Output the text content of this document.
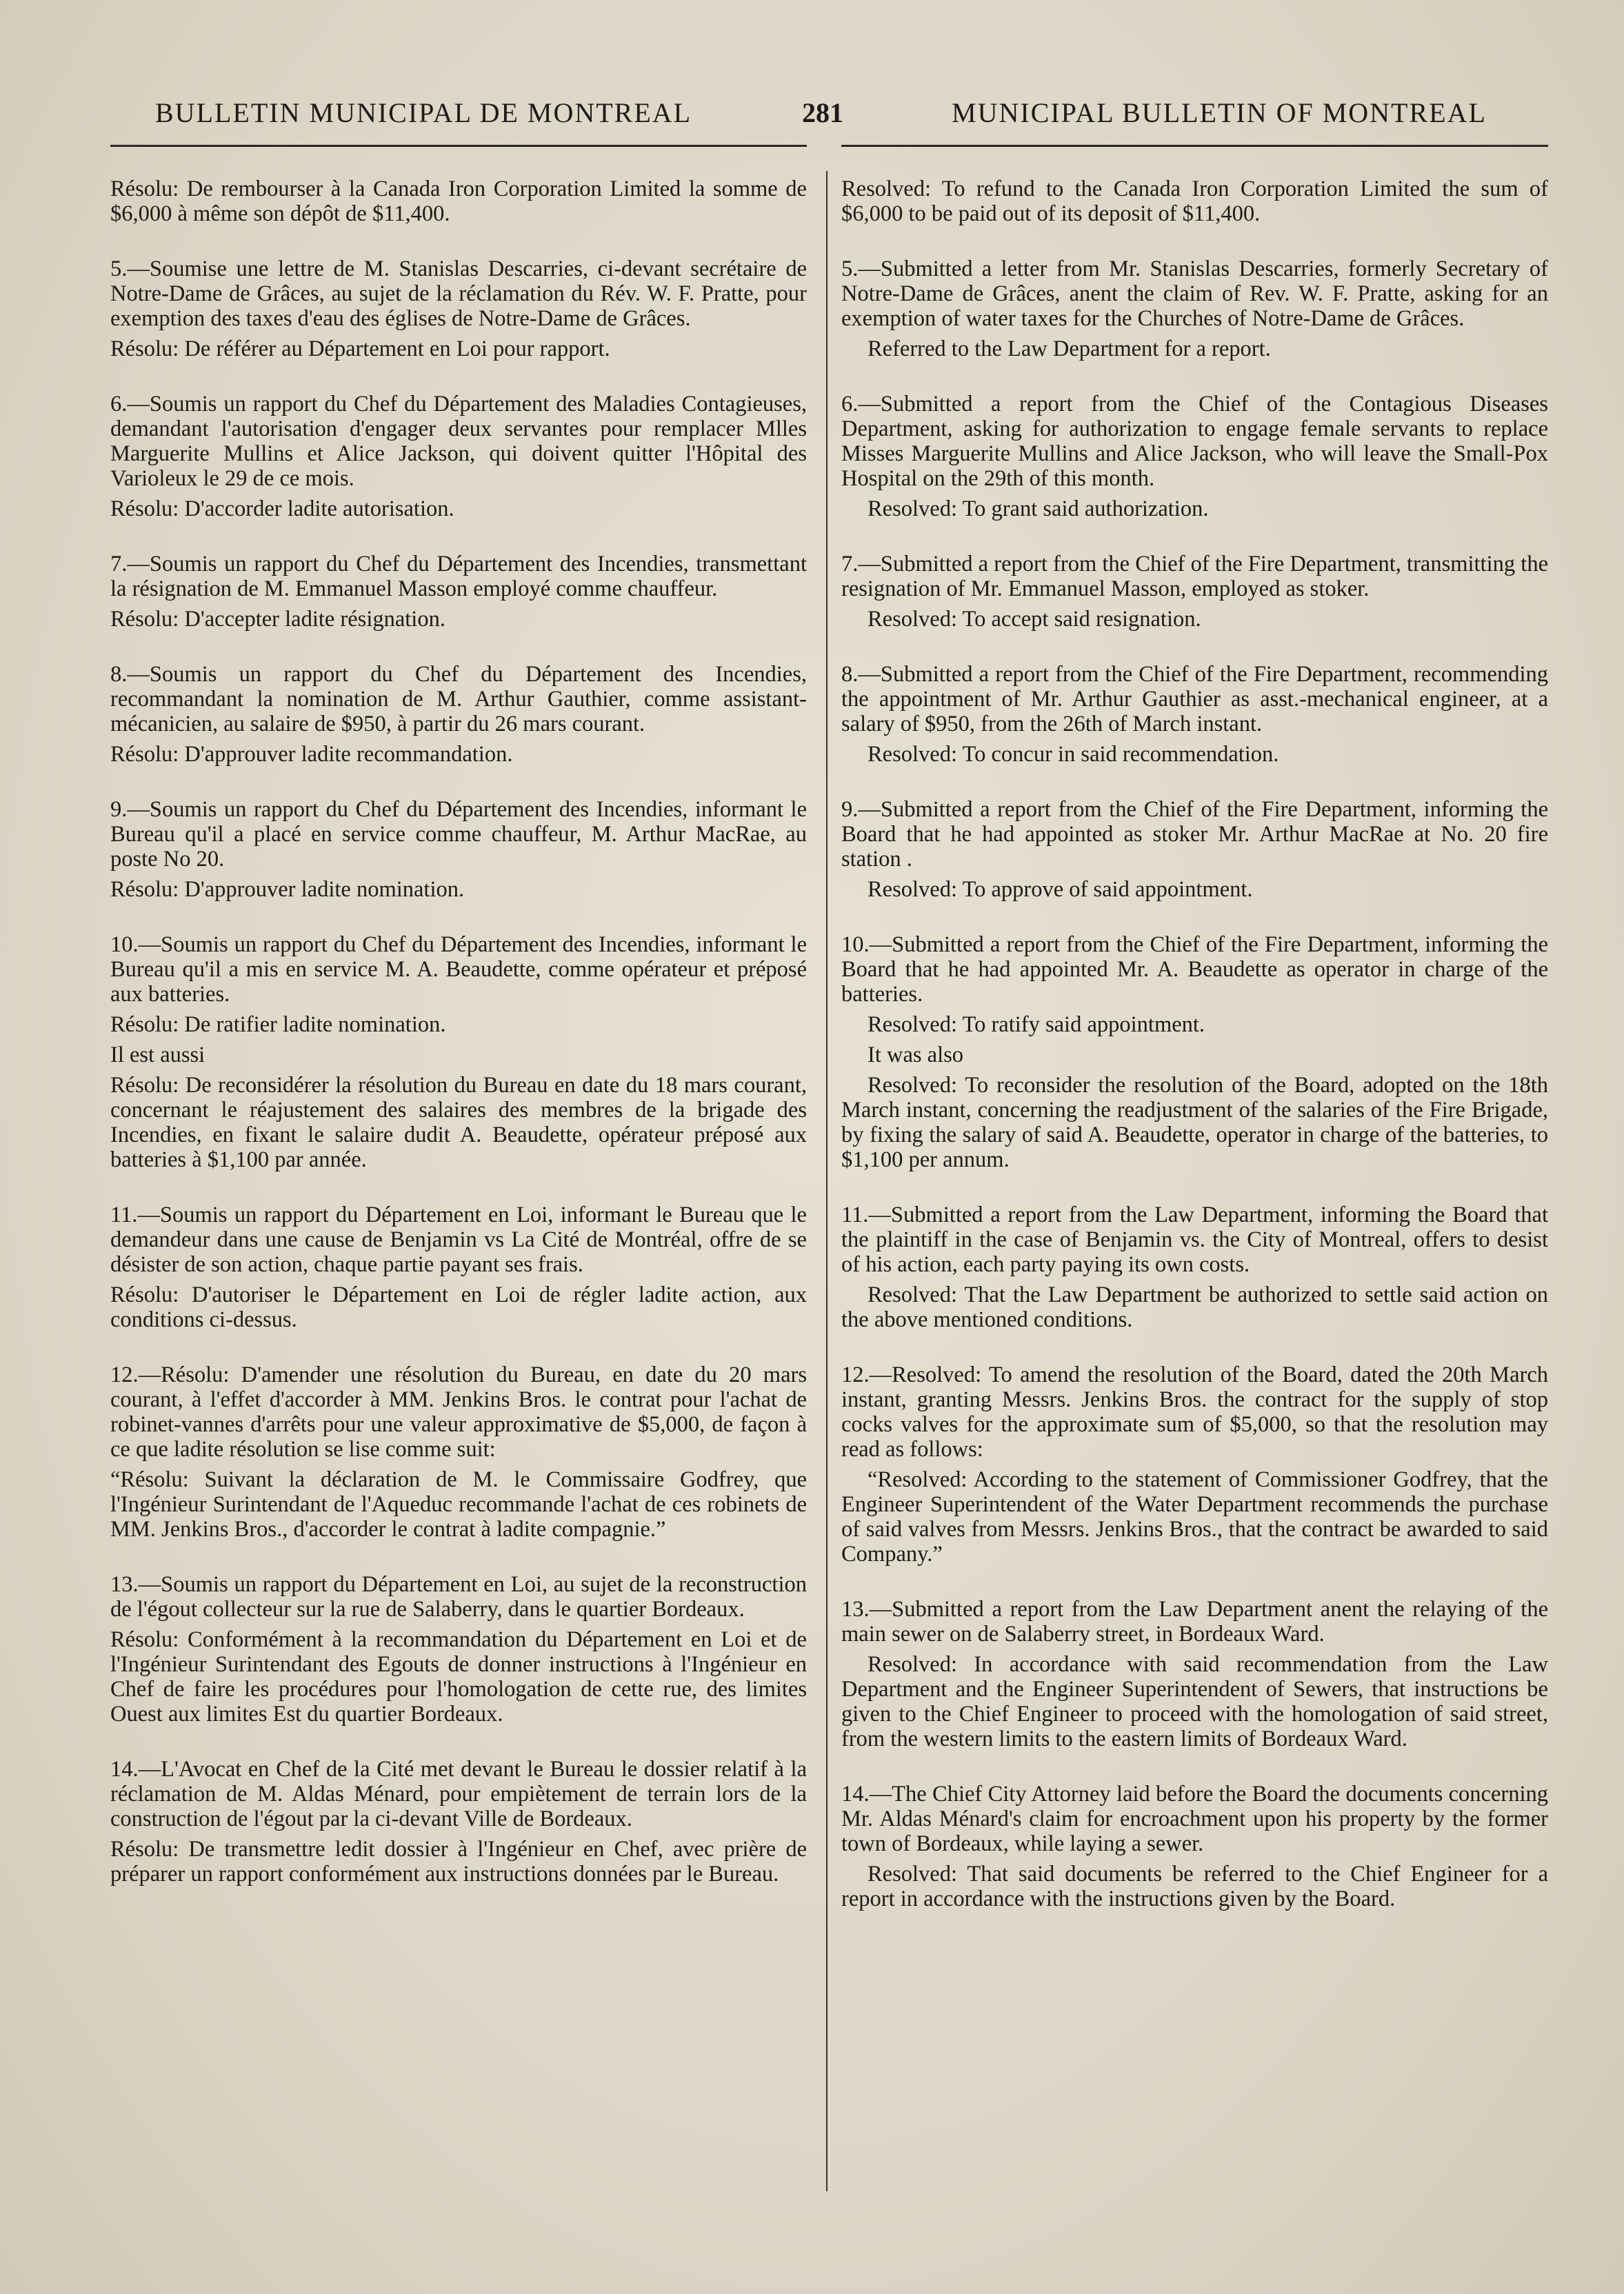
BULLETIN MUNICIPAL DE MONTREAL	281	MUNICIPAL BULLETIN OF MONTREAL

Résolu: De rembourser à la Canada Iron Corporation Limited la somme de $6,000 à même son dépôt de $11,400.

5.—Soumise une lettre de M. Stanislas Descarries, ci-devant secrétaire de Notre-Dame de Grâces, au sujet de la réclamation du Rév. W. F. Pratte, pour exemption des taxes d'eau des églises de Notre-Dame de Grâces.

Résolu: De référer au Département en Loi pour rapport.

6.—Soumis un rapport du Chef du Département des Maladies Contagieuses, demandant l'autorisation d'engager deux servantes pour remplacer Mlles Marguerite Mullins et Alice Jackson, qui doivent quitter l'Hôpital des Varioleux le 29 de ce mois.

Résolu: D'accorder ladite autorisation.

7.—Soumis un rapport du Chef du Département des Incendies, transmettant la résignation de M. Emmanuel Masson employé comme chauffeur.

Résolu: D'accepter ladite résignation.

8.—Soumis un rapport du Chef du Département des Incendies, recommandant la nomination de M. Arthur Gauthier, comme assistant-mécanicien, au salaire de $950, à partir du 26 mars courant.

Résolu: D'approuver ladite recommandation.

9.—Soumis un rapport du Chef du Département des Incendies, informant le Bureau qu'il a placé en service comme chauffeur, M. Arthur MacRae, au poste No 20.

Résolu: D'approuver ladite nomination.

10.—Soumis un rapport du Chef du Département des Incendies, informant le Bureau qu'il a mis en service M. A. Beaudette, comme opérateur et préposé aux batteries.

Résolu: De ratifier ladite nomination.

Il est aussi

Résolu: De reconsidérer la résolution du Bureau en date du 18 mars courant, concernant le réajustement des salaires des membres de la brigade des Incendies, en fixant le salaire dudit A. Beaudette, opérateur préposé aux batteries à $1,100 par année.

11.—Soumis un rapport du Département en Loi, informant le Bureau que le demandeur dans une cause de Benjamin vs La Cité de Montréal, offre de se désister de son action, chaque partie payant ses frais.

Résolu: D'autoriser le Département en Loi de régler ladite action, aux conditions ci-dessus.

12.—Résolu: D'amender une résolution du Bureau, en date du 20 mars courant, à l'effet d'accorder à MM. Jenkins Bros. le contrat pour l'achat de robinet-vannes d'arrêts pour une valeur approximative de $5,000, de façon à ce que ladite résolution se lise comme suit:

“Résolu: Suivant la déclaration de M. le Commissaire Godfrey, que l'Ingénieur Surintendant de l'Aqueduc recommande l'achat de ces robinets de MM. Jenkins Bros., d'accorder le contrat à ladite compagnie.”

13.—Soumis un rapport du Département en Loi, au sujet de la reconstruction de l'égout collecteur sur la rue de Salaberry, dans le quartier Bordeaux.

Résolu: Conformément à la recommandation du Département en Loi et de l'Ingénieur Surintendant des Egouts de donner instructions à l'Ingénieur en Chef de faire les procédures pour l'homologation de cette rue, des limites Ouest aux limites Est du quartier Bordeaux.

14.—L'Avocat en Chef de la Cité met devant le Bureau le dossier relatif à la réclamation de M. Aldas Ménard, pour empiètement de terrain lors de la construction de l'égout par la ci-devant Ville de Bordeaux.

Résolu: De transmettre ledit dossier à l'Ingénieur en Chef, avec prière de préparer un rapport conformément aux instructions données par le Bureau.

Resolved: To refund to the Canada Iron Corporation Limited the sum of $6,000 to be paid out of its deposit of $11,400.

5.—Submitted a letter from Mr. Stanislas Descarries, formerly Secretary of Notre-Dame de Grâces, anent the claim of Rev. W. F. Pratte, asking for an exemption of water taxes for the Churches of Notre-Dame de Grâces.

Referred to the Law Department for a report.

6.—Submitted a report from the Chief of the Contagious Diseases Department, asking for authorization to engage female servants to replace Misses Marguerite Mullins and Alice Jackson, who will leave the Small-Pox Hospital on the 29th of this month.

Resolved: To grant said authorization.

7.—Submitted a report from the Chief of the Fire Department, transmitting the resignation of Mr. Emmanuel Masson, employed as stoker.

Resolved: To accept said resignation.

8.—Submitted a report from the Chief of the Fire Department, recommending the appointment of Mr. Arthur Gauthier as asst.-mechanical engineer, at a salary of $950, from the 26th of March instant.

Resolved: To concur in said recommendation.

9.—Submitted a report from the Chief of the Fire Department, informing the Board that he had appointed as stoker Mr. Arthur MacRae at No. 20 fire station .

Resolved: To approve of said appointment.

10.—Submitted a report from the Chief of the Fire Department, informing the Board that he had appointed Mr. A. Beaudette as operator in charge of the batteries.

Resolved: To ratify said appointment.

It was also

Resolved: To reconsider the resolution of the Board, adopted on the 18th March instant, concerning the readjustment of the salaries of the Fire Brigade, by fixing the salary of said A. Beaudette, operator in charge of the batteries, to $1,100 per annum.

11.—Submitted a report from the Law Department, informing the Board that the plaintiff in the case of Benjamin vs. the City of Montreal, offers to desist of his action, each party paying its own costs.

Resolved: That the Law Department be authorized to settle said action on the above mentioned conditions.

12.—Resolved: To amend the resolution of the Board, dated the 20th March instant, granting Messrs. Jenkins Bros. the contract for the supply of stop cocks valves for the approximate sum of $5,000, so that the resolution may read as follows:

“Resolved: According to the statement of Commissioner Godfrey, that the Engineer Superintendent of the Water Department recommends the purchase of said valves from Messrs. Jenkins Bros., that the contract be awarded to said Company.”

13.—Submitted a report from the Law Department anent the relaying of the main sewer on de Salaberry street, in Bordeaux Ward.

Resolved: In accordance with said recommendation from the Law Department and the Engineer Superintendent of Sewers, that instructions be given to the Chief Engineer to proceed with the homologation of said street, from the western limits to the eastern limits of Bordeaux Ward.

14.—The Chief City Attorney laid before the Board the documents concerning Mr. Aldas Ménard's claim for encroachment upon his property by the former town of Bordeaux, while laying a sewer.

Resolved: That said documents be referred to the Chief Engineer for a report in accordance with the instructions given by the Board.
